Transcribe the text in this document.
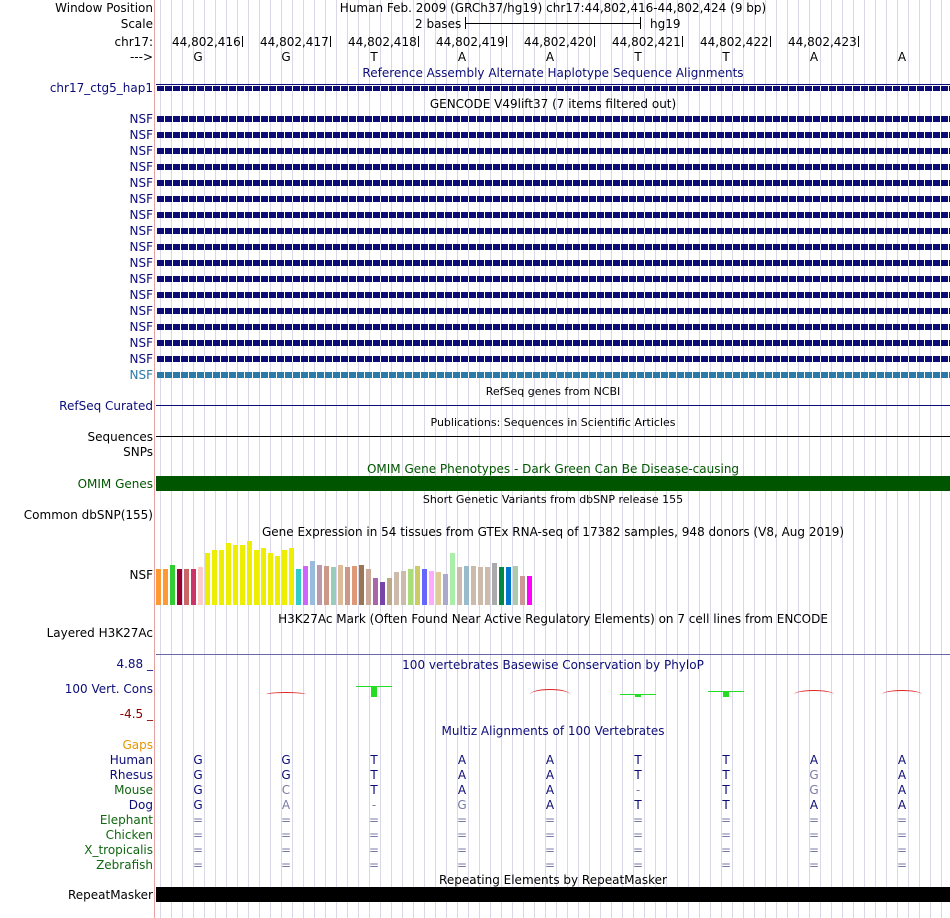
Window Position	Human Feb. 2009 (GRCh37/hg19) chr17:44,802,416-44,802,424 (9 bp)
Scale	2 bases	hg19
chr17: 44,802,416 44,802,417 44,802,418 44,802,419 44,802,420 44,802,421 44,802,422 44,802,423
--->	G	G	T	A	A	T	T	A	A
Reference Assembly Alternate Haplotype Sequence Alignments
chr17_ctg5_hap1
GENCODE V49lift37 (7 items filtered out)
NSF
NSF
NSF
NSF
NSF
NSF
NSF
NSF
NSF
NSF
NSF
NSF
NSF
NSF
NSF
NSF
NSF
RefSeq genes from NCBI
RefSeq Curated
Publications: Sequences in Scientific Articles
Sequences
SNPs
OMIM Gene Phenotypes - Dark Green Can Be Disease-causing
OMIM Genes
Short Genetic Variants from dbSNP release 155
Common dbSNP(155)
Gene Expression in 54 tissues from GTEx RNA-seq of 17382 samples, 948 donors (V8, Aug 2019)
NSF
H3K27Ac Mark (Often Found Near Active Regulatory Elements) on 7 cell lines from ENCODE
Layered H3K27Ac
100 vertebrates Basewise Conservation by PhyloP
4.88 _
100 Vert. Cons
-4.5 _
Multiz Alignments of 100 Vertebrates
Gaps
Human	G	G	T	A	A	T	T	A	A
Rhesus	G	G	T	A	A	T	T	G	A
Mouse	G	C	T	A	A	-	T	G	A
Dog	G	A	-	G	A	T	T	A	A
Elephant	=	=	=	=	=	=	=	=	=
Chicken	=	=	=	=	=	=	=	=	=
X_tropicalis	=	=	=	=	=	=	=	=	=
Zebrafish	=	=	=	=	=	=	=	=	=
Repeating Elements by RepeatMasker
RepeatMasker
